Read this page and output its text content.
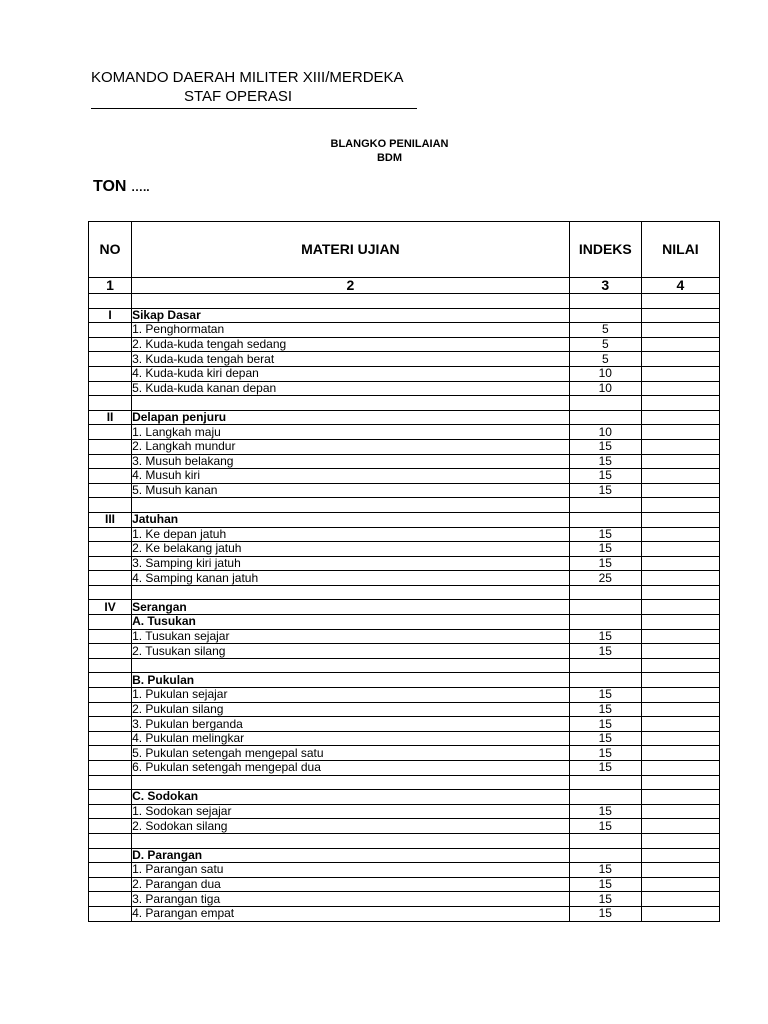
KOMANDO DAERAH MILITER XIII/MERDEKA
STAF OPERASI
BLANGKO PENILAIAN
BDM
TON …..
NO	MATERI UJIAN	INDEKS	NILAI
1	2	3	4

I	Sikap Dasar		
	1. Penghormatan	5	
	2. Kuda-kuda tengah sedang	5	
	3. Kuda-kuda tengah berat	5	
	4. Kuda-kuda kiri depan	10	
	5. Kuda-kuda kanan depan	10	

II	Delapan penjuru		
	1. Langkah maju	10	
	2. Langkah mundur	15	
	3. Musuh belakang	15	
	4. Musuh kiri	15	
	5. Musuh kanan	15	

III	Jatuhan		
	1. Ke depan jatuh	15	
	2. Ke belakang jatuh	15	
	3. Samping kiri jatuh	15	
	4. Samping kanan jatuh	25	

IV	Serangan		
	A. Tusukan		
	1. Tusukan sejajar	15	
	2. Tusukan silang	15	

	B. Pukulan		
	1. Pukulan sejajar	15	
	2. Pukulan silang	15	
	3. Pukulan berganda	15	
	4. Pukulan melingkar	15	
	5. Pukulan setengah mengepal satu	15	
	6. Pukulan setengah mengepal dua	15	

	C. Sodokan		
	1. Sodokan sejajar	15	
	2. Sodokan silang	15	

	D. Parangan		
	1. Parangan satu	15	
	2. Parangan dua	15	
	3. Parangan tiga	15	
	4. Parangan empat	15	
